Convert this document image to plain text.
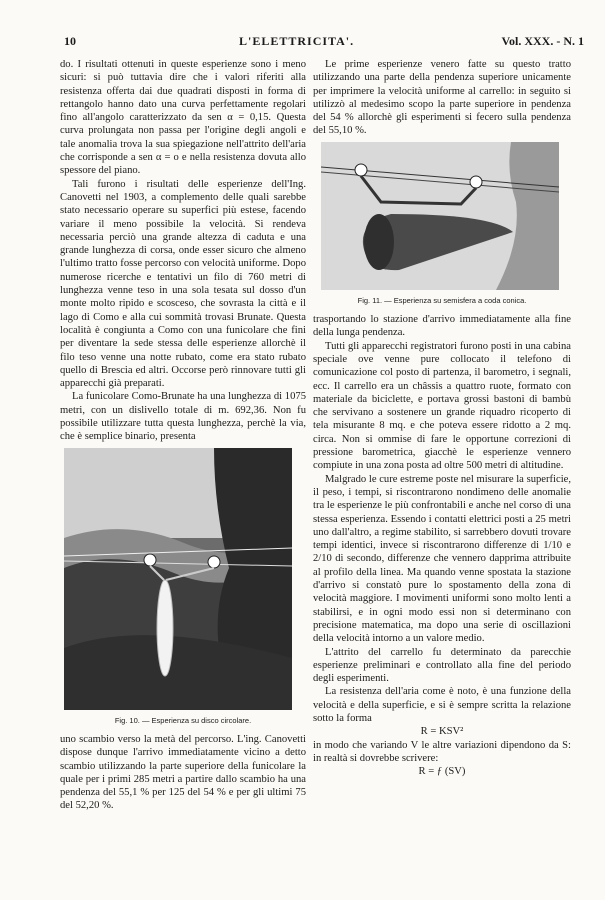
10	L'ELETTRICITA'.	Vol. XXX. - N. 1

do. I risultati ottenuti in queste esperienze sono i meno sicuri: si può tuttavia dire che i valori riferiti alla resistenza offerta dai due quadrati disposti in forma di rettangolo hanno dato una curva perfettamente regolari fino all'angolo caratterizzato da sen α = 0,15. Questa curva prolungata non passa per l'origine degli angoli e tale anomalia trova la sua spiegazione nell'attrito dell'aria che corrisponde a sen α = o e nella resistenza dovuta allo spessore del piano.

Tali furono i risultati delle esperienze dell'Ing. Canovetti nel 1903, a complemento delle quali sarebbe stato necessario operare su superfici più estese, facendo variare il meno possibile la velocità. Si rendeva necessaria perciò una grande altezza di caduta e una grande lunghezza di corsa, onde esser sicuro che almeno l'ultimo tratto fosse percorso con velocità uniforme. Dopo numerose ricerche e tentativi un filo di 760 metri di lunghezza venne teso in una sola tesata sul dosso d'un monte molto ripido e scosceso, che sovrasta la città e il lago di Como e alla cui sommità trovasi Brunate. Questa località è congiunta a Como con una funicolare che fini per diventare la sede stessa delle esperienze allorchè il filo teso venne una notte rubato, come era stato rubato quello di Brescia ed altri. Occorse però rinnovare tutti gli apparecchi già preparati.

La funicolare Como-Brunate ha una lunghezza di 1075 metri, con un dislivello totale di m. 692,36. Non fu possibile utilizzare tutta questa lunghezza, perchè la via, che è semplice binario, presenta

Fig. 10. — Esperienza su disco circolare.

uno scambio verso la metà del percorso. L'ing. Canovetti dispose dunque l'arrivo immediatamente vicino a detto scambio utilizzando la parte superiore della funicolare la quale per i primi 285 metri a partire dallo scambio ha una pendenza del 55,1 % per 125 del 54 % e per gli ultimi 75 del 52,20 %.

Le prime esperienze venero fatte su questo tratto utilizzando una parte della pendenza superiore unicamente per imprimere la velocità uniforme al carrello: in seguito si utilizzò al medesimo scopo la parte superiore in pendenza del 54 % allorchè gli esperimenti si fecero sulla pendenza del 55,10 %.

Fig. 11. — Esperienza su semisfera a coda conica.

trasportando lo stazione d'arrivo immediatamente alla fine della lunga pendenza.

Tutti gli apparecchi registratori furono posti in una cabina speciale ove venne pure collocato il telefono di comunicazione col posto di partenza, il barometro, i segnali, ecc. Il carrello era un châssis a quattro ruote, formato con materiale da biciclette, e portava grossi bastoni di bambù che servivano a sostenere un grande riquadro ricoperto di tela misurante 8 mq. e che poteva essere ridotto a 2 mq. circa. Non si ommise di fare le opportune correzioni di pressione barometrica, giacchè le esperienze vennero compiute in una zona posta ad oltre 500 metri di altitudine.

Malgrado le cure estreme poste nel misurare la superficie, il peso, i tempi, si riscontrarono nondimeno delle anomalie tra le esperienze le più confrontabili e anche nel corso di una stessa esperienza. Essendo i contatti elettrici posti a 25 metri uno dall'altro, a regime stabilito, si sarrebbero dovuti trovare tempi identici, invece si riscontrarono differenze di 1/10 e 2/10 di secondo, differenze che vennero dapprima attribuite al profilo della linea. Ma quando venne spostata la stazione d'arrivo si constatò pure lo spostamento della zona di velocità maggiore. I movimenti uniformi sono molto lenti a stabilirsi, e in ogni modo essi non si determinano con precisione matematica, ma dopo una serie di oscillazioni della velocità intorno a un valore medio.

L'attrito del carrello fu determinato da parecchie esperienze preliminari e controllato alla fine del periodo degli esperimenti.

La resistenza dell'aria come è noto, è una funzione della velocità e della superficie, e si è sempre scritta la relazione sotto la forma

R = KSV²

in modo che variando V le altre variazioni dipendono da S: in realtà si dovrebbe scrivere:

R = ƒ (SV)
